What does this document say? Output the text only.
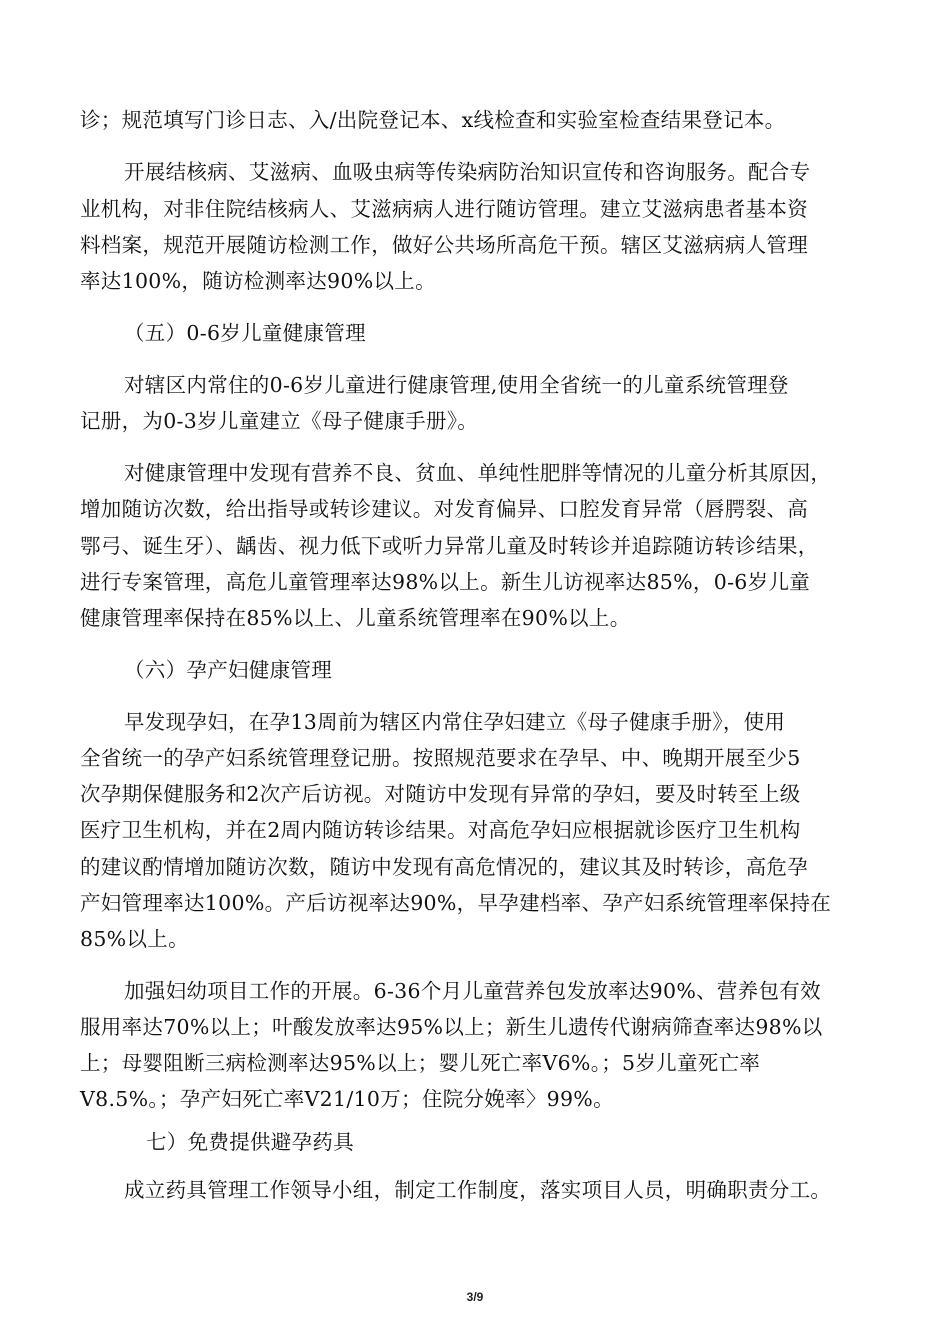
诊；规范填写门诊日志、入/出院登记本、x线检查和实验室检查结果登记本。
开展结核病、艾滋病、血吸虫病等传染病防治知识宣传和咨询服务。配合专
业机构，对非住院结核病人、艾滋病病人进行随访管理。建立艾滋病患者基本资
料档案，规范开展随访检测工作，做好公共场所高危干预。辖区艾滋病病人管理
率达100%，随访检测率达90%以上。
（五）0-6岁儿童健康管理
对辖区内常住的0-6岁儿童进行健康管理,使用全省统一的儿童系统管理登
记册，为0-3岁儿童建立《母子健康手册》。
对健康管理中发现有营养不良、贫血、单纯性肥胖等情况的儿童分析其原因，
增加随访次数，给出指导或转诊建议。对发育偏异、口腔发育异常（唇腭裂、高
鄂弓、诞生牙）、龋齿、视力低下或听力异常儿童及时转诊并追踪随访转诊结果，
进行专案管理，高危儿童管理率达98%以上。新生儿访视率达85%，0-6岁儿童
健康管理率保持在85%以上、儿童系统管理率在90%以上。
（六）孕产妇健康管理
早发现孕妇，在孕13周前为辖区内常住孕妇建立《母子健康手册》，使用
全省统一的孕产妇系统管理登记册。按照规范要求在孕早、中、晚期开展至少5
次孕期保健服务和2次产后访视。对随访中发现有异常的孕妇，要及时转至上级
医疗卫生机构，并在2周内随访转诊结果。对高危孕妇应根据就诊医疗卫生机构
的建议酌情增加随访次数，随访中发现有高危情况的，建议其及时转诊，高危孕
产妇管理率达100%。产后访视率达90%，早孕建档率、孕产妇系统管理率保持在
85%以上。
加强妇幼项目工作的开展。6-36个月儿童营养包发放率达90%、营养包有效
服用率达70%以上；叶酸发放率达95%以上；新生儿遗传代谢病筛查率达98%以
上；母婴阻断三病检测率达95%以上；婴儿死亡率V6%。；5岁儿童死亡率
V8.5%。；孕产妇死亡率V21/10万；住院分娩率〉99%。
七）免费提供避孕药具
成立药具管理工作领导小组，制定工作制度，落实项目人员，明确职责分工。
3/9
